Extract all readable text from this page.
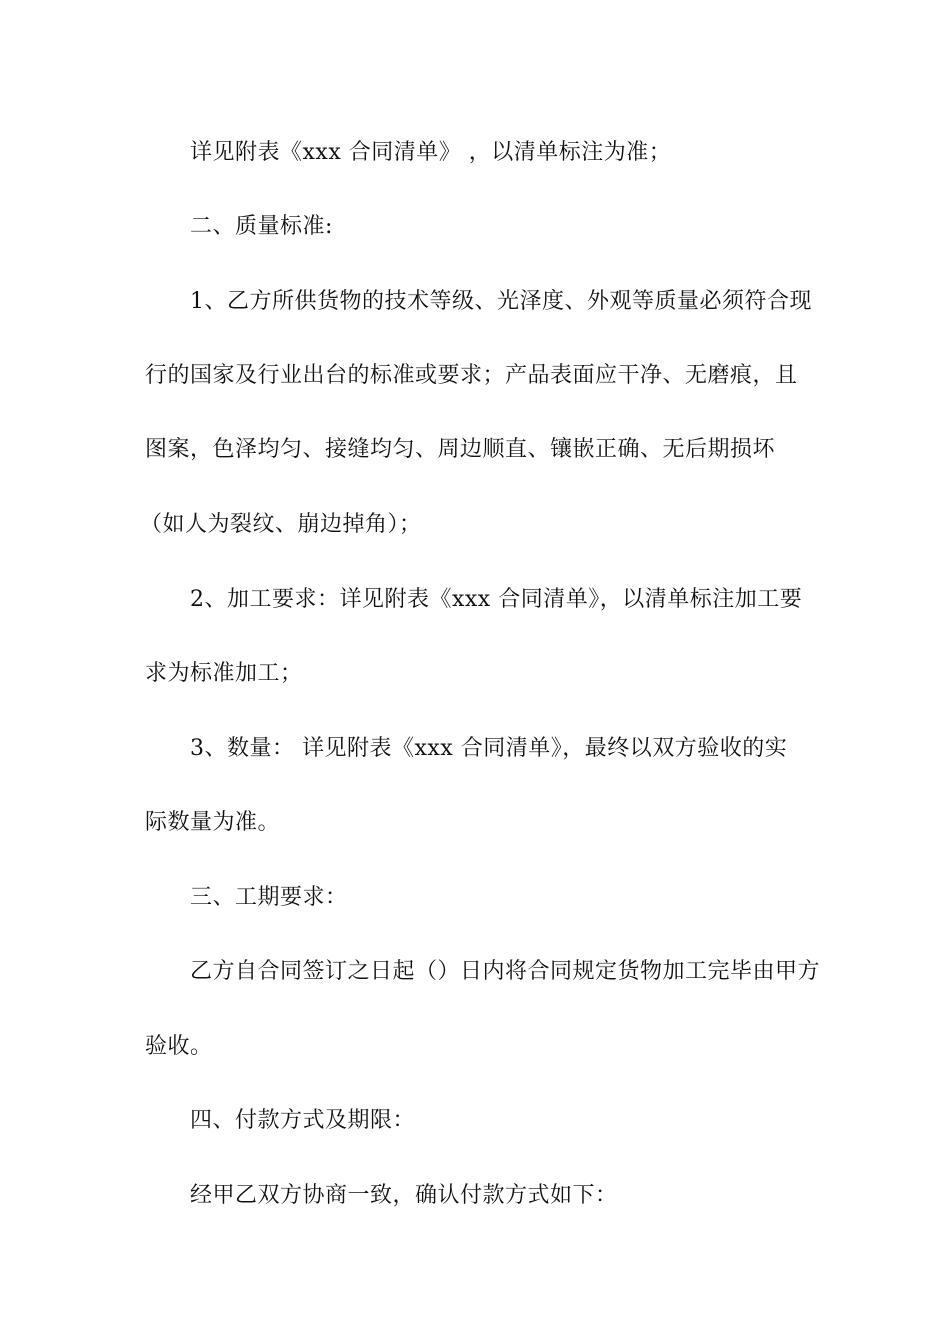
详见附表《xxx 合同清单》 ，以清单标注为准；
二、质量标准:
1、乙方所供货物的技术等级、光泽度、外观等质量必须符合现
行的国家及行业出台的标准或要求；产品表面应干净、无磨痕，且
图案，色泽均匀、接缝均匀、周边顺直、镶嵌正确、无后期损坏
（如人为裂纹、崩边掉角）；
2、加工要求：详见附表《xxx 合同清单》，以清单标注加工要
求为标准加工；
3、数量： 详见附表《xxx 合同清单》，最终以双方验收的实
际数量为准。
三、工期要求：
乙方自合同签订之日起（）日内将合同规定货物加工完毕由甲方
验收。
四、付款方式及期限：
经甲乙双方协商一致，确认付款方式如下：
